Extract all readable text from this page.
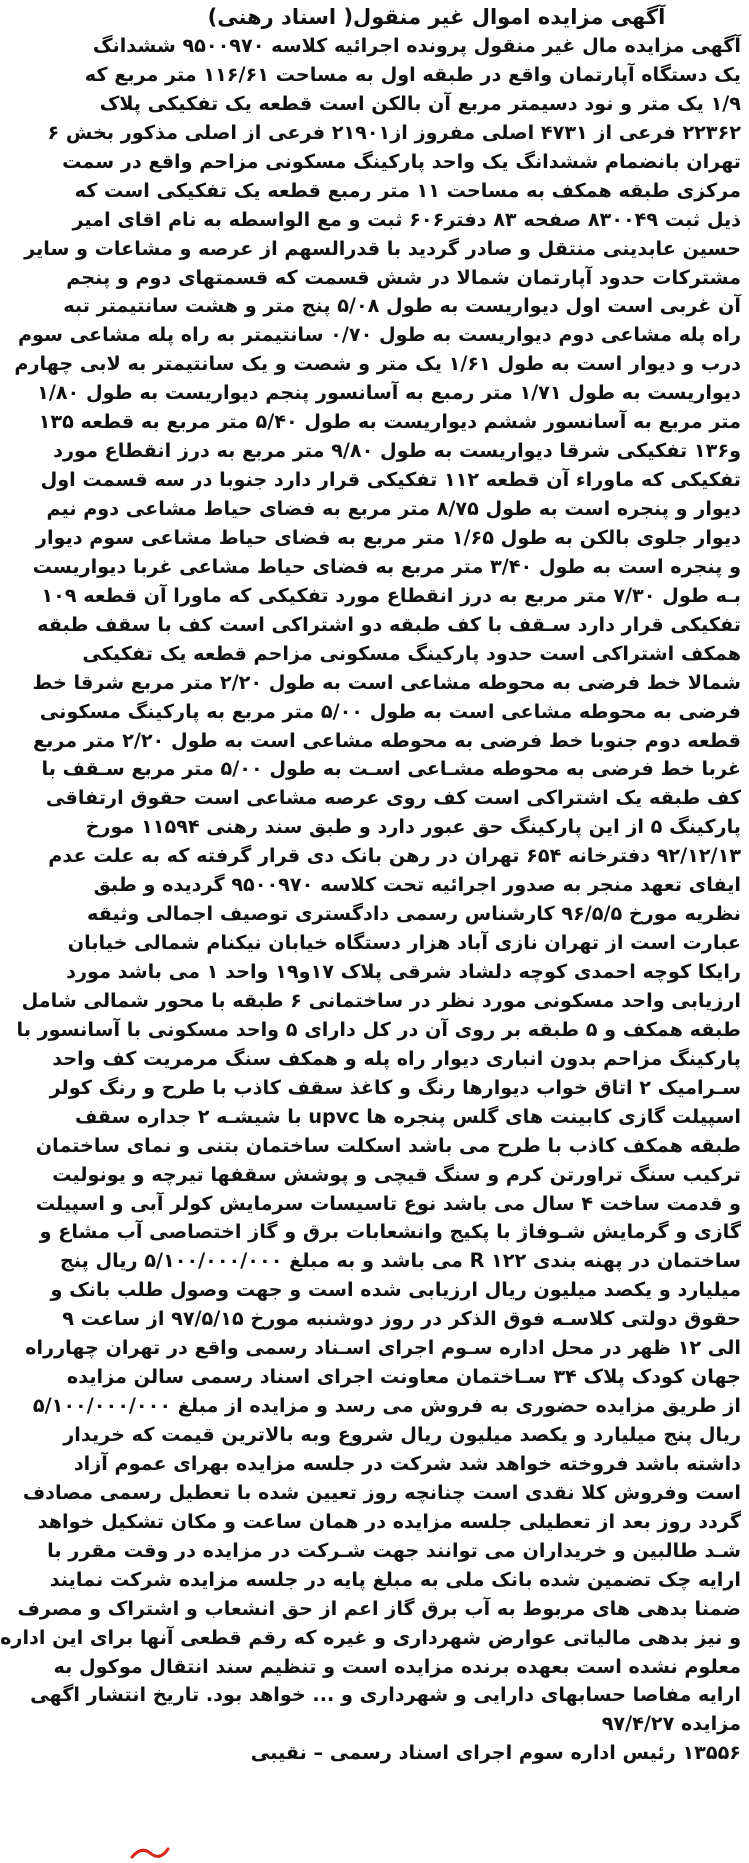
آگهی مزایده اموال غیر منقول( اسناد رهنی)
آگهی مزایده مال غیر منقول پرونده اجرائیه کلاسه ۹۵۰۰۹۷۰ ششدانگ
یک دستگاه آپارتمان واقع در طبقه اول به مساحت ۱۱۶/۶۱ متر مربع که
۱/۹ یک متر و نود دسیمتر مربع آن بالکن است قطعه یک تفکیکی پلاک
۲۲۳۶۲ فرعی از ۴۷۳۱ اصلی مفروز از۲۱۹۰۱ فرعی از اصلی مذکور بخش ۶
تهران بانضمام ششدانگ یک واحد پارکینگ مسکونی مزاحم واقع در سمت
مرکزی طبقه همکف به مساحت ۱۱ متر رمبع قطعه یک تفکیکی است که
ذیل ثبت ۸۳۰۰۴۹ صفحه ۸۳ دفتر۶۰۶ ثبت و مع الواسطه به نام اقای امیر
حسین عابدینی منتقل و صادر گردید با قدرالسهم از عرصه و مشاعات و سایر
مشترکات حدود آپارتمان شمالا در شش قسمت که قسمتهای دوم و پنجم
آن غربی است اول دیواریست به طول ۵/۰۸ پنج متر و هشت سانتیمتر تبه
راه پله مشاعی دوم دیواریست به طول ۰/۷۰ سانتیمتر به راه پله مشاعی سوم
درب و دیوار است به طول ۱/۶۱ یک متر و شصت و یک سانتیمتر به لابی چهارم
دیواریست به طول ۱/۷۱ متر رمبع به آسانسور پنجم دیواریست به طول ۱/۸۰
متر مربع به آسانسور ششم دیواریست به طول ۵/۴۰ متر مربع به قطعه ۱۳۵
و۱۳۶ تفکیکی شرقا دیواریست به طول ۹/۸۰ متر مربع به درز انقطاع مورد
تفکیکی که ماوراء آن قطعه ۱۱۲ تفکیکی قرار دارد جنوبا در سه قسمت اول
دیوار و پنجره است به طول ۸/۷۵ متر مربع به فضای حیاط مشاعی دوم نیم
دیوار جلوی بالکن به طول ۱/۶۵ متر مربع به فضای حیاط مشاعی سوم دیوار
و پنجره است به طول ۳/۴۰ متر مربع به فضای حیاط مشاعی غربا دیواریست
بـه طول ۷/۳۰ متر مربع به درز انقطاع مورد تفکیکی که ماورا آن قطعه ۱۰۹
تفکیکی قرار دارد سـقف با کف طبقه دو اشتراکی است کف با سقف طبقه
همکف اشتراکی است حدود پارکینگ مسکونی مزاحم قطعه یک تفکیکی
شمالا خط فرضی به محوطه مشاعی است به طول ۲/۲۰ متر مربع شرقا خط
فرضی به محوطه مشاعی است به طول ۵/۰۰ متر مربع به پارکینگ مسکونی
قطعه دوم جنوبا خط فرضی به محوطه مشاعی است به طول ۲/۲۰ متر مربع
غربا خط فرضی به محوطه مشـاعی اسـت به طول ۵/۰۰ متر مربع سـقف با
کف طبقه یک اشتراکی است کف روی عرصه مشاعی است حقوق ارتفاقی
پارکینگ ۵ از این پارکینگ حق عبور دارد و طبق سند رهنی ۱۱۵۹۴ مورخ
۹۲/۱۲/۱۳ دفترخانه ۶۵۴ تهران در رهن بانک دی قرار گرفته که به علت عدم
ایفای تعهد منجر به صدور اجرائیه تحت کلاسه ۹۵۰۰۹۷۰ گردیده و طبق
نظریه مورخ ۹۶/۵/۵ کارشناس رسمی دادگستری توصیف اجمالی وثیقه
عبارت است از تهران نازی آباد هزار دستگاه خیابان نیکنام شمالی خیابان
رایکا کوچه احمدی کوچه دلشاد شرقی پلاک ۱۷و۱۹ واحد ۱ می باشد مورد
ارزیابی واحد مسکونی مورد نظر در ساختمانی ۶ طبقه با محور شمالی شامل
طبقه همکف و ۵ طبقه بر روی آن در کل دارای ۵ واحد مسکونی با آسانسور با
پارکینگ مزاحم بدون انباری دیوار راه پله و همکف سنگ مرمریت کف واحد
سـرامیک ۲ اتاق خواب دیوارها رنگ و کاغذ سقف کاذب با طرح و رنگ کولر
اسپیلت گازی کابینت های گلس پنجره ها upvc با شیشـه ۲ جداره سقف
طبقه همکف کاذب با طرح می باشد اسکلت ساختمان بتنی و نمای ساختمان
ترکیب سنگ تراورتن کرم و سنگ قیچی و پوشش سقفها تیرچه و یونولیت
و قدمت ساخت ۴ سال می باشد نوع تاسیسات سرمایش کولر آبی و اسپیلت
گازی و گرمایش شـوفاژ با پکیج وانشعابات برق و گاز اختصاصی آب مشاع و
ساختمان در پهنه بندی R ۱۲۲ می باشد و به مبلغ ۵/۱۰۰/۰۰۰/۰۰۰ ریال پنج
میلیارد و یکصد میلیون ریال ارزیابی شده است و جهت وصول طلب بانک و
حقوق دولتی کلاسـه فوق الذکر در روز دوشنبه مورخ ۹۷/۵/۱۵ از ساعت ۹
الی ۱۲ ظهر در محل اداره سـوم اجرای اسـناد رسمی واقع در تهران چهارراه
جهان کودک پلاک ۳۴ سـاختمان معاونت اجرای اسناد رسمی سالن مزایده
از طریق مزایده حضوری به فروش می رسد و مزایده از مبلغ ۵/۱۰۰/۰۰۰/۰۰۰
ریال پنج میلیارد و یکصد میلیون ریال شروع وبه بالاترین قیمت که خریدار
داشته باشد فروخته خواهد شد شرکت در جلسه مزایده بهرای عموم آزاد
است وفروش کلا نقدی است چنانچه روز تعیین شده با تعطیل رسمی مصادف
گردد روز بعد از تعطیلی جلسه مزایده در همان ساعت و مکان تشکیل خواهد
شـد طالبین و خریداران می توانند جهت شـرکت در مزایده در وقت مقرر با
ارایه چک تضمین شده بانک ملی به مبلغ پایه در جلسه مزایده شرکت نمایند
ضمنا بدهی های مربوط به آب برق گاز اعم از حق انشعاب و اشتراک و مصرف
و نیز بدهی مالیاتی عوارض شهرداری و غیره که رقم قطعی آنها برای این اداره
معلوم نشده است بعهده برنده مزایده است و تنظیم سند انتقال موکول به
ارایه مفاصا حسابهای دارایی و شهرداری و ... خواهد بود. تاریخ انتشار اگهی
مزایده ۹۷/۴/۲۷
۱۳۵۵۶ رئیس اداره سوم اجرای اسناد رسمی – نقیبی
